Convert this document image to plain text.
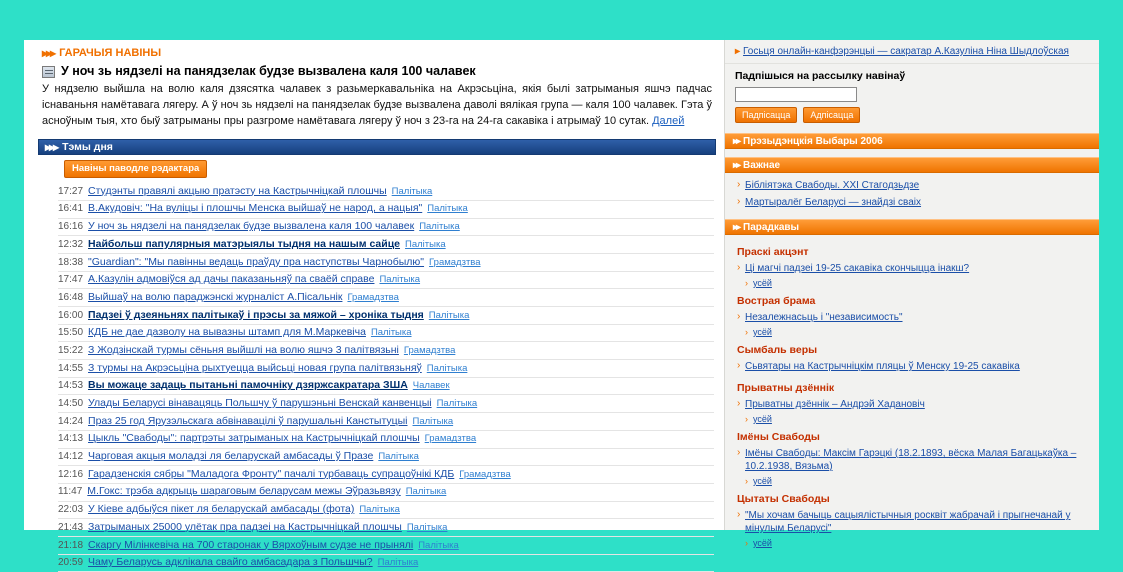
▸▸▸ ГАРАЧЫЯ НАВІНЫ
У ноч зь нядзелі на панядзелак будзе вызвалена каля 100 чалавек
У нядзелю выйшла на волю каля дзясятка чалавек з разьмеркавальніка на Акрэсьціна, якія былі затрыманыя яшчэ падчас існаваньня намётавага лягеру. А ў ноч зь нядзелі на панядзелак будзе вызвалена даволі вялікая група — каля 100 чалавек. Гэта ў асноўным тыя, хто быў затрыманы пры разгроме намётавага лягеру ў ноч з 23-га на 24-га сакавіка і атрымаў 10 сутак. Далей
▸▸▸ Тэмы дня
Навіны паводле рэдактара
17:27 Студэнты правялі акцыю пратэсту на Кастрычніцкай плошчы Палітыка
16:41 В.Акудовіч: "На вуліцы і плошчы Менска выйшаў не народ, а нацыя" Палітыка
16:16 У ноч зь нядзелі на панядзелак будзе вызвалена каля 100 чалавек Палітыка
12:32 Найбольш папулярныя матэрыялы тыдня на нашым сайце Палітыка
18:38 "Guardian": "Мы павінны ведаць праўду пра наступствы Чарнобылю" Грамадзтва
17:47 А.Казулін адмовіўся ад дачы паказаньняў па сваёй справе Палітыка
16:48 Выйшаў на волю параджэнскі журналіст А.Пісальнік Грамадзтва
16:00 Падзеі ў дзеяньнях палітыкаў і прэсы за мяжой – хроніка тыдня Палітыка
15:50 КДБ не дае дазволу на вывазны штамп для М.Маркевіча Палітыка
15:22 З Жодзінскай турмы сёньня выйшлі на волю яшчэ 3 палітвязьні Грамадзтва
14:55 З турмы на Акрэсьціна рыхтуецца выйсьці новая група палітвязьняў Палітыка
14:53 Вы можаце задаць пытаньні памочніку дзяржсакратара ЗША Чалавек
14:50 Улады Беларусі вінавацяць Польшчу ў парушэньні Венскай канвенцыі Палітыка
14:24 Праз 25 год Ярузэльскага абвінавацілі ў парушальні Канстытуцыі Палітыка
14:13 Цыкль "Свабоды": партрэты затрыманых на Кастрычніцкай плошчы Грамадзтва
14:12 Чарговая акцыя моладзі ля беларускай амбасады ў Празе Палітыка
12:16 Гарадзенскія сябры "Маладога Фронту" пачалі турбаваць супрацоўнікі КДБ Грамадзтва
11:47 М.Гокс: трэба адкрыць шараговым беларусам межы Эўразьвязу Палітыка
22:03 У Кіеве адбыўся пікет ля беларускай амбасады (фота) Палітыка
21:43 Затрыманых 25000 улётак пра падзеі на Кастрычніцкай плошчы Палітыка
21:18 Скаргу Мілінкевіча на 700 старонак у Вярхоўным судзе не прынялі Палітыка
20:59 Чаму Беларусь адклікала свайго амбасадара з Польшчы? Палітыка
▸ Госьця онлайн-канфэрэнцыі — сакратар А.Казуліна Ніна Шыдлоўская
Падпішыся на рассылку навінаў
Падпісацца	Адпісацца
▸▸ Прэзыдэнцкія Выбары 2006
▸▸ Важнае
› Бібліятэка Свабоды. XXI Стагодзьдзе
› Мартыралёг Беларусі — знайдзі сваіх
▸▸ Парадкавы
Праскі акцэнт
› Ці магчі падзеі 19-25 сакавіка скончыцца інакш?
› усёй
Вострая брама
› Незалежнасьць і "независимость"
› усёй
Сымбаль веры
› Сьвятары на Кастрычніцкім пляцы ў Менску 19-25 сакавіка
Прыватны дзённік
› Прыватны дзённік – Андрэй Хадановіч
› усёй
Імёны Свабоды
› Імёны Свабоды: Максім Гарэцкі (18.2.1893, вёска Малая Багацькаўка – 10.2.1938, Вязьма)
› усёй
Цытаты Свабоды
› "Мы хочам бачыць сацыялістычныя росквіт жабрачай і прыгнечанай у мінулым Беларусі"
› усёй
